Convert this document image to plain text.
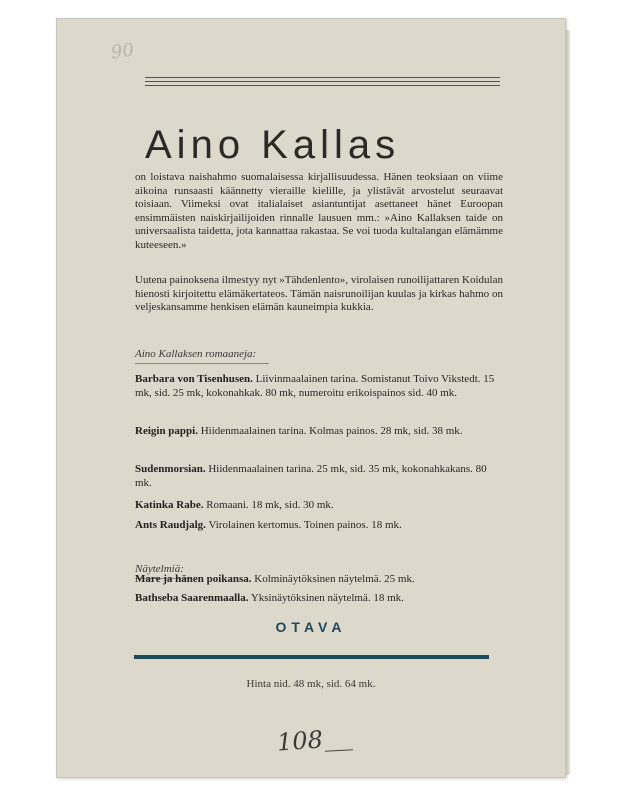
90
Aino Kallas
on loistava naishahmo suomalaisessa kirjallisuudessa. Hänen teoksiaan on viime aikoina runsaasti käännetty vieraille kielille, ja ylistävät arvostelut seuraavat toisiaan. Viimeksi ovat italialaiset asiantuntijat asettaneet hänet Euroopan ensimmäisten naiskirjailijoiden rinnalle lausuen mm.: »Aino Kallaksen taide on universaalista taidetta, jota kannattaa rakastaa. Se voi tuoda kultalangan elämämme kuteeseen.»
Uutena painoksena ilmestyy nyt »Tähdenlento», virolaisen runoilijattaren Koidulan hienosti kirjoitettu elämäkertateos. Tämän naisrunoilijan kuulas ja kirkas hahmo on veljeskansamme henkisen elämän kauneimpia kukkia.
Aino Kallaksen romaaneja:
Barbara von Tisenhusen. Liivinmaalainen tarina. Somistanut Toivo Vikstedt. 15 mk, sid. 25 mk, kokonahkak. 80 mk, numeroitu erikoispainos sid. 40 mk.
Reigin pappi. Hiidenmaalainen tarina. Kolmas painos. 28 mk, sid. 38 mk.
Sudenmorsian. Hiidenmaalainen tarina. 25 mk, sid. 35 mk, kokonahkakans. 80 mk.
Katinka Rabe. Romaani. 18 mk, sid. 30 mk.
Ants Raudjalg. Virolainen kertomus. Toinen painos. 18 mk.
Näytelmiä:
Mare ja hänen poikansa. Kolminäytöksinen näytelmä. 25 mk.
Bathseba Saarenmaalla. Yksinäytöksinen näytelmä. 18 mk.
OTAVA
Hinta nid. 48 mk, sid. 64 mk.
108
